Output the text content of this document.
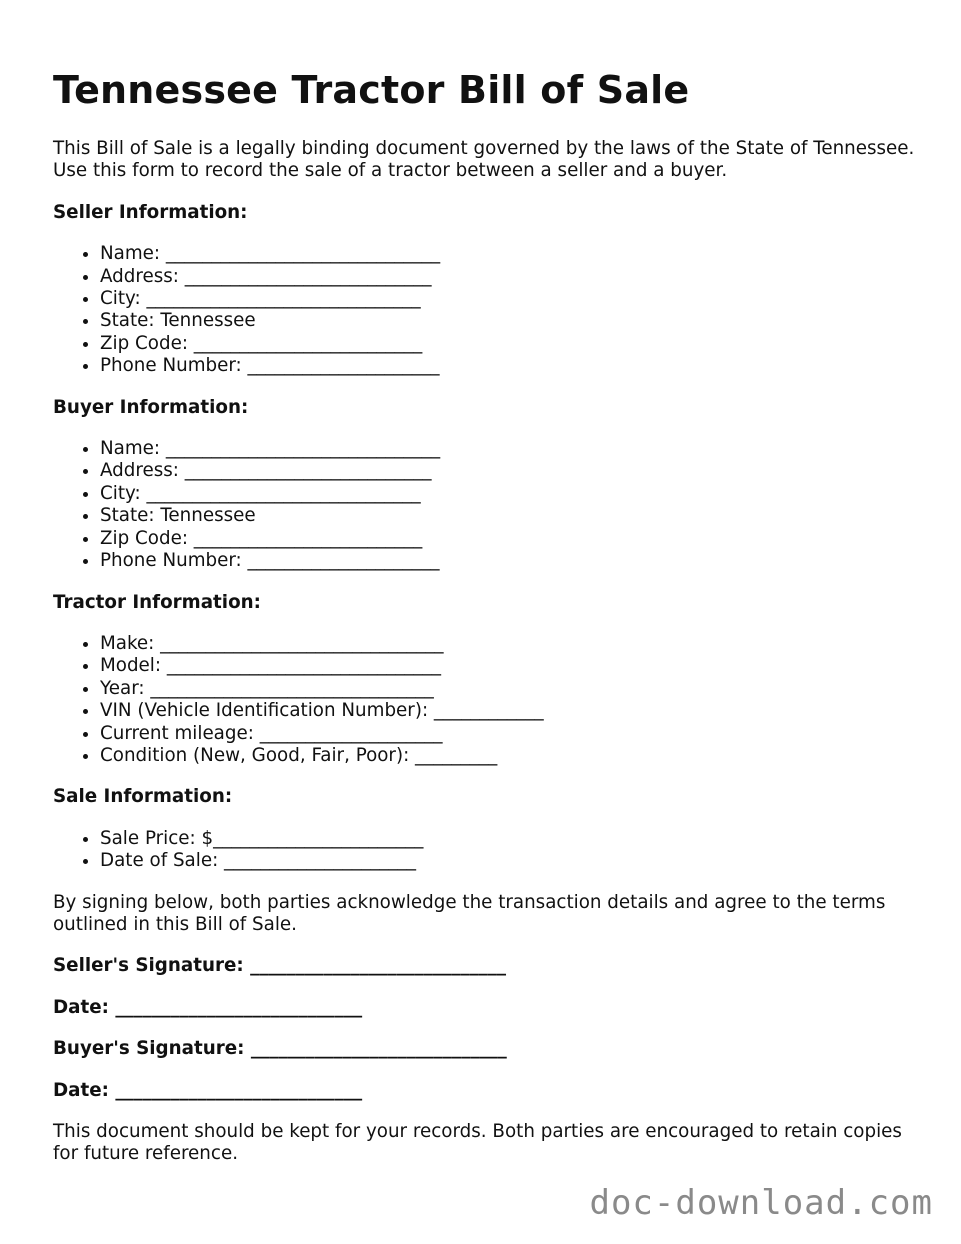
Tennessee Tractor Bill of Sale

This Bill of Sale is a legally binding document governed by the laws of the State of Tennessee. Use this form to record the sale of a tractor between a seller and a buyer.

Seller Information:
• Name: ______________________________
• Address: ___________________________
• City: ______________________________
• State: Tennessee
• Zip Code: _________________________
• Phone Number: _____________________
Buyer Information:
• Name: ______________________________
• Address: ___________________________
• City: ______________________________
• State: Tennessee
• Zip Code: _________________________
• Phone Number: _____________________
Tractor Information:
• Make: _______________________________
• Model: ______________________________
• Year: _______________________________
• VIN (Vehicle Identification Number): ____________
• Current mileage: ____________________
• Condition (New, Good, Fair, Poor): _________
Sale Information:
• Sale Price: $_______________________
• Date of Sale: _____________________

By signing below, both parties acknowledge the transaction details and agree to the terms outlined in this Bill of Sale.

Seller's Signature: ____________________________
Date: ___________________________
Buyer's Signature: ____________________________
Date: ___________________________

This document should be kept for your records. Both parties are encouraged to retain copies for future reference.

doc-download.com
